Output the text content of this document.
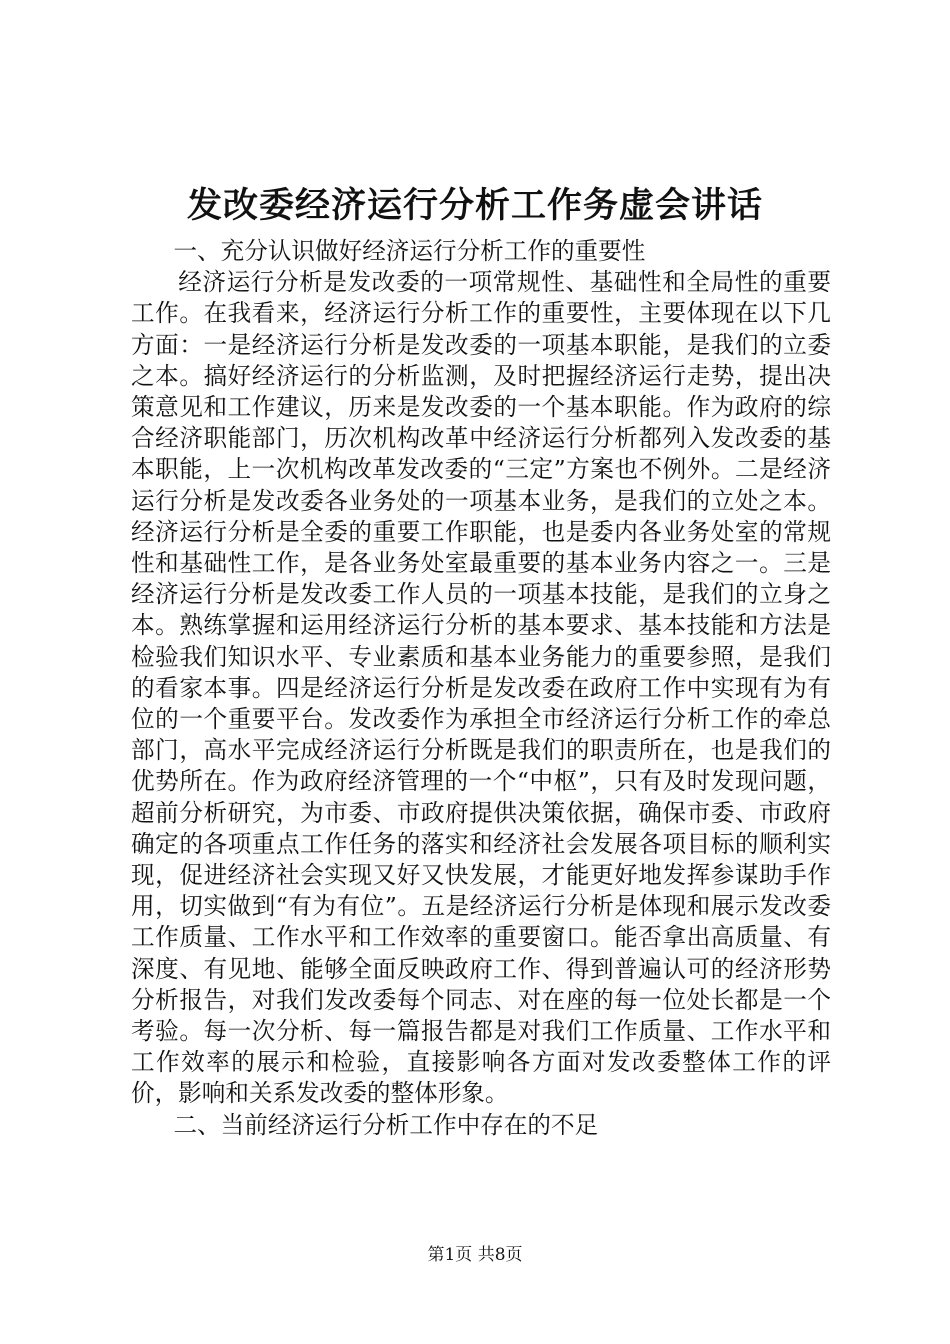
发改委经济运行分析工作务虚会讲话

一、充分认识做好经济运行分析工作的重要性

经济运行分析是发改委的一项常规性、基础性和全局性的重要工作。在我看来，经济运行分析工作的重要性，主要体现在以下几方面：一是经济运行分析是发改委的一项基本职能，是我们的立委之本。搞好经济运行的分析监测，及时把握经济运行走势，提出决策意见和工作建议，历来是发改委的一个基本职能。作为政府的综合经济职能部门，历次机构改革中经济运行分析都列入发改委的基本职能，上一次机构改革发改委的“三定”方案也不例外。二是经济运行分析是发改委各业务处的一项基本业务，是我们的立处之本。经济运行分析是全委的重要工作职能，也是委内各业务处室的常规性和基础性工作，是各业务处室最重要的基本业务内容之一。三是经济运行分析是发改委工作人员的一项基本技能，是我们的立身之本。熟练掌握和运用经济运行分析的基本要求、基本技能和方法是检验我们知识水平、专业素质和基本业务能力的重要参照，是我们的看家本事。四是经济运行分析是发改委在政府工作中实现有为有位的一个重要平台。发改委作为承担全市经济运行分析工作的牵总部门，高水平完成经济运行分析既是我们的职责所在，也是我们的优势所在。作为政府经济管理的一个“中枢”，只有及时发现问题，超前分析研究，为市委、市政府提供决策依据，确保市委、市政府确定的各项重点工作任务的落实和经济社会发展各项目标的顺利实现，促进经济社会实现又好又快发展，才能更好地发挥参谋助手作用，切实做到“有为有位”。五是经济运行分析是体现和展示发改委工作质量、工作水平和工作效率的重要窗口。能否拿出高质量、有深度、有见地、能够全面反映政府工作、得到普遍认可的经济形势分析报告，对我们发改委每个同志、对在座的每一位处长都是一个考验。每一次分析、每一篇报告都是对我们工作质量、工作水平和工作效率的展示和检验，直接影响各方面对发改委整体工作的评价，影响和关系发改委的整体形象。

二、当前经济运行分析工作中存在的不足

第1页 共8页
